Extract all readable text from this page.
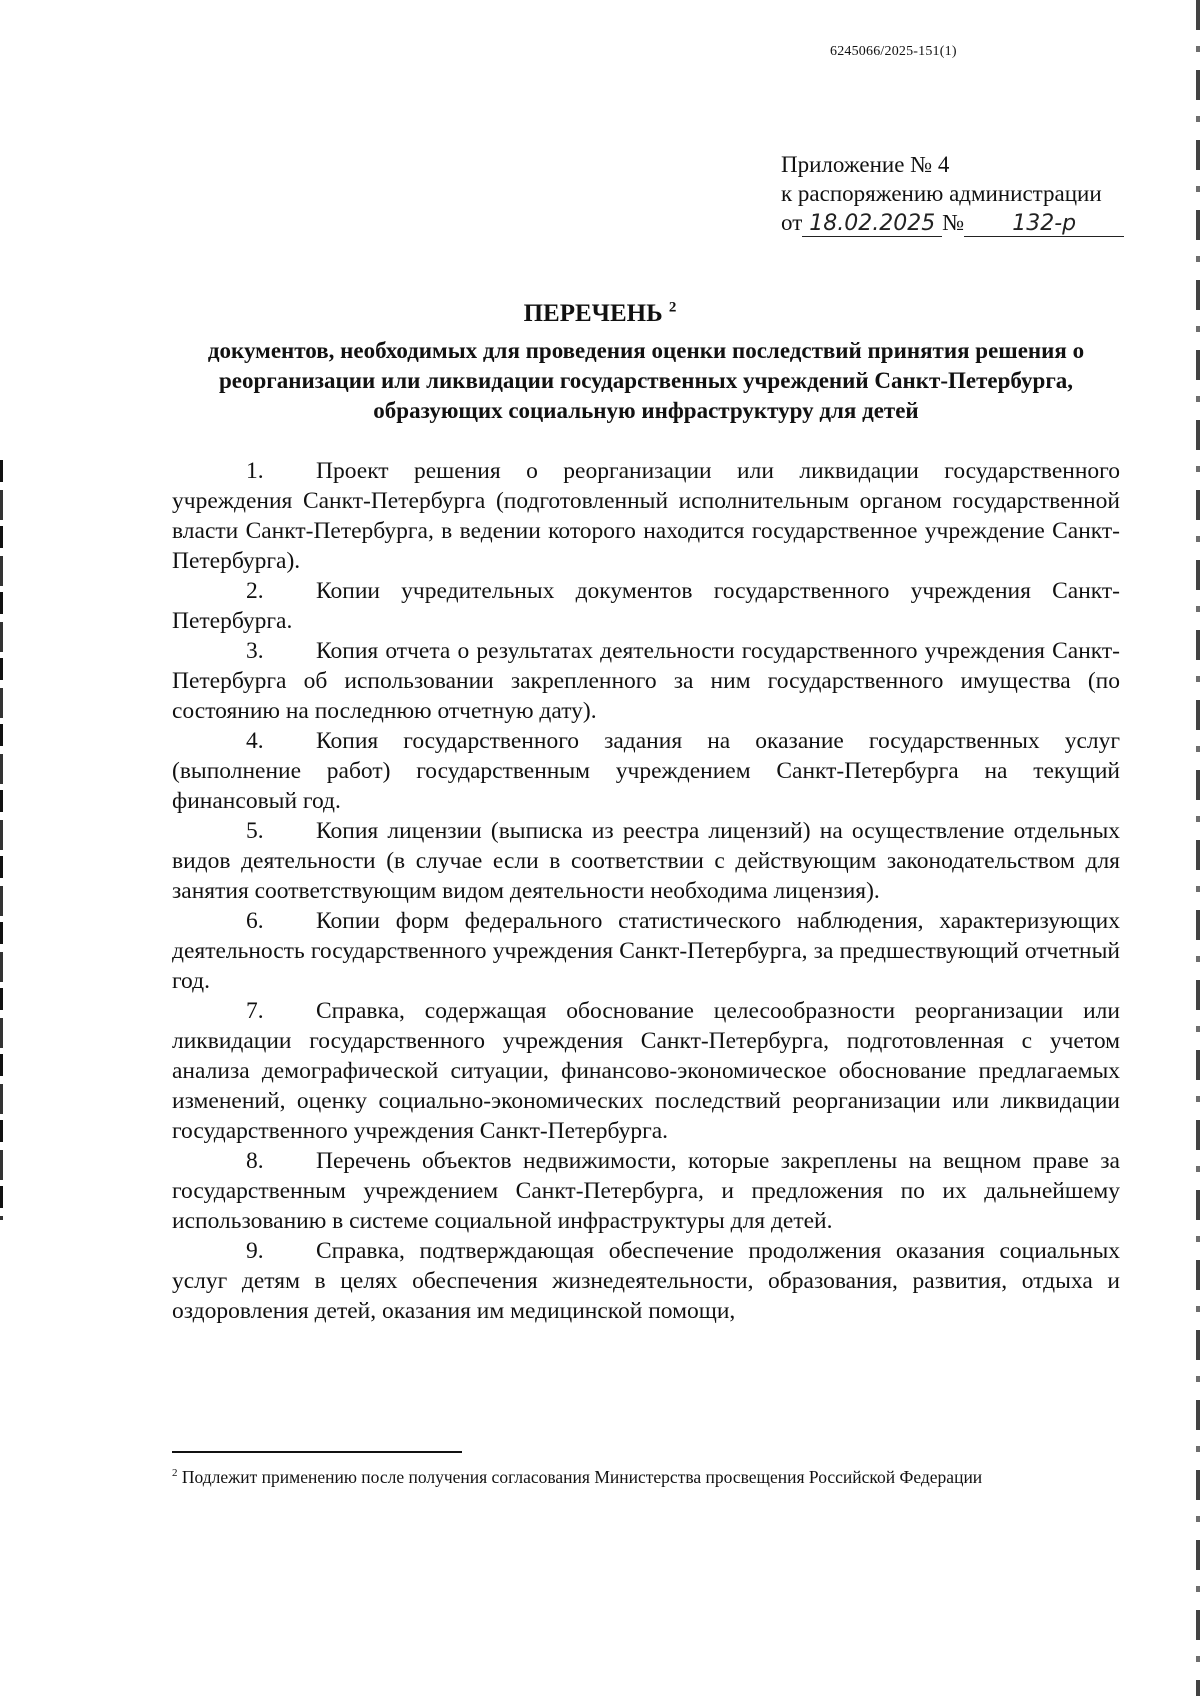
6245066/2025-151(1)
Приложение № 4
к распоряжению администрации
от 18.02.2025 № 132-р
ПЕРЕЧЕНЬ $^2$
документов, необходимых для проведения оценки последствий принятия решения о реорганизации или ликвидации государственных учреждений Санкт-Петербурга, образующих социальную инфраструктуру для детей

1. Проект решения о реорганизации или ликвидации государственного учреждения Санкт-Петербурга (подготовленный исполнительным органом государственной власти Санкт-Петербурга, в ведении которого находится государственное учреждение Санкт-Петербурга).

2. Копии учредительных документов государственного учреждения Санкт-Петербурга.

3. Копия отчета о результатах деятельности государственного учреждения Санкт-Петербурга об использовании закрепленного за ним государственного имущества (по состоянию на последнюю отчетную дату).

4. Копия государственного задания на оказание государственных услуг (выполнение работ) государственным учреждением Санкт-Петербурга на текущий финансовый год.

5. Копия лицензии (выписка из реестра лицензий) на осуществление отдельных видов деятельности (в случае если в соответствии с действующим законодательством для занятия соответствующим видом деятельности необходима лицензия).

6. Копии форм федерального статистического наблюдения, характеризующих деятельность государственного учреждения Санкт-Петербурга, за предшествующий отчетный год.

7. Справка, содержащая обоснование целесообразности реорганизации или ликвидации государственного учреждения Санкт-Петербурга, подготовленная с учетом анализа демографической ситуации, финансово-экономическое обоснование предлагаемых изменений, оценку социально-экономических последствий реорганизации или ликвидации государственного учреждения Санкт-Петербурга.

8. Перечень объектов недвижимости, которые закреплены на вещном праве за государственным учреждением Санкт-Петербурга, и предложения по их дальнейшему использованию в системе социальной инфраструктуры для детей.

9. Справка, подтверждающая обеспечение продолжения оказания социальных услуг детям в целях обеспечения жизнедеятельности, образования, развития, отдыха и оздоровления детей, оказания им медицинской помощи,

$^2$ Подлежит применению после получения согласования Министерства просвещения Российской Федерации
